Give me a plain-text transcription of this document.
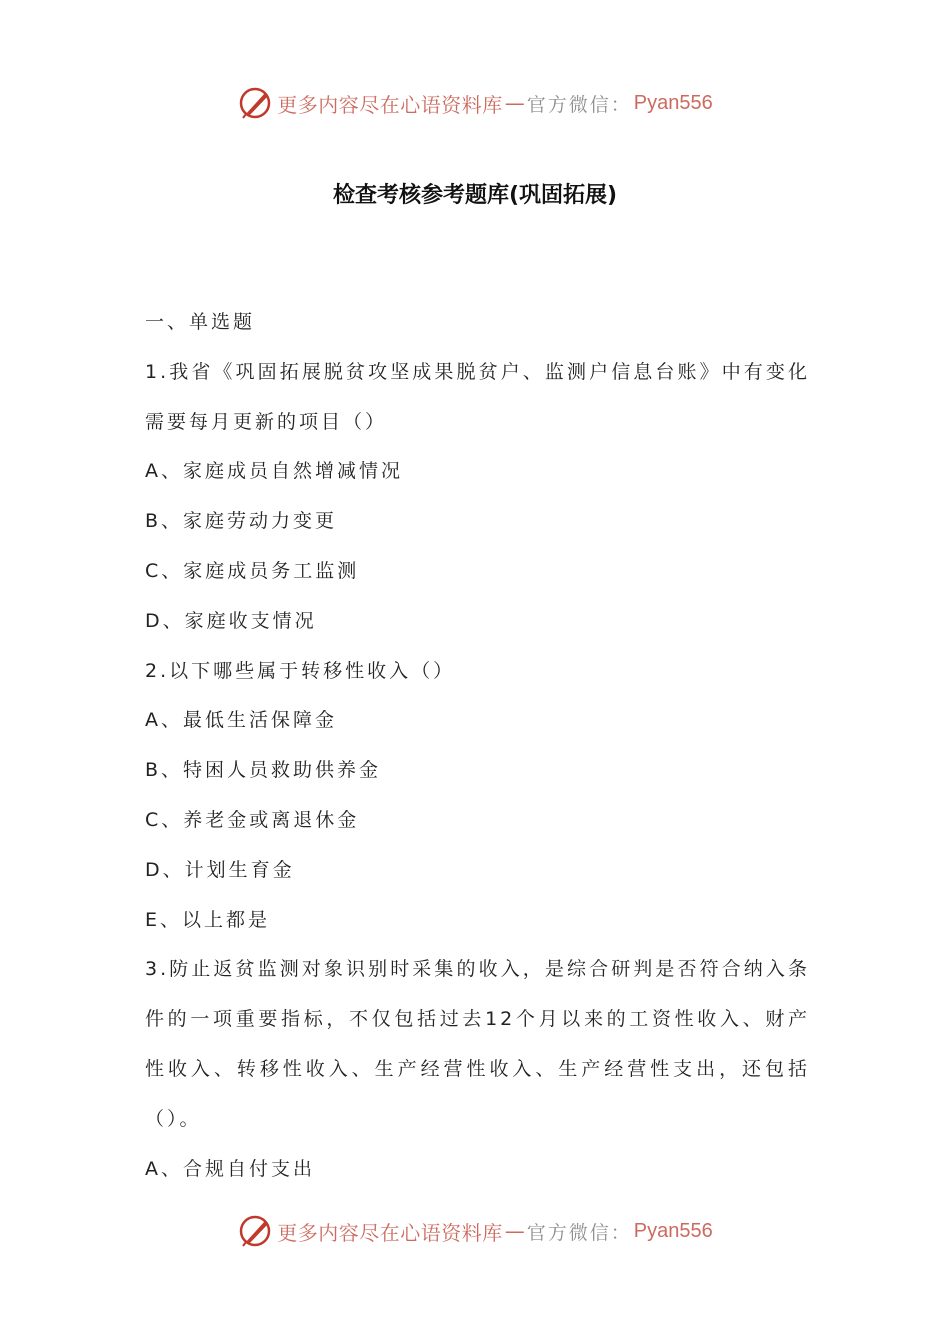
更多内容尽在心语资料库 — 官方微信： Pyan556
检查考核参考题库(巩固拓展)

一、单选题

1.我省《巩固拓展脱贫攻坚成果脱贫户、监测户信息台账》中有变化需要每月更新的项目（）

A、家庭成员自然增减情况

B、家庭劳动力变更

C、家庭成员务工监测

D、家庭收支情况

2.以下哪些属于转移性收入（）

A、最低生活保障金

B、特困人员救助供养金

C、养老金或离退休金

D、计划生育金

E、以上都是

3.防止返贫监测对象识别时采集的收入，是综合研判是否符合纳入条件的一项重要指标，不仅包括过去12个月以来的工资性收入、财产性收入、转移性收入、生产经营性收入、生产经营性支出，还包括（）。

A、合规自付支出

更多内容尽在心语资料库 — 官方微信： Pyan556
